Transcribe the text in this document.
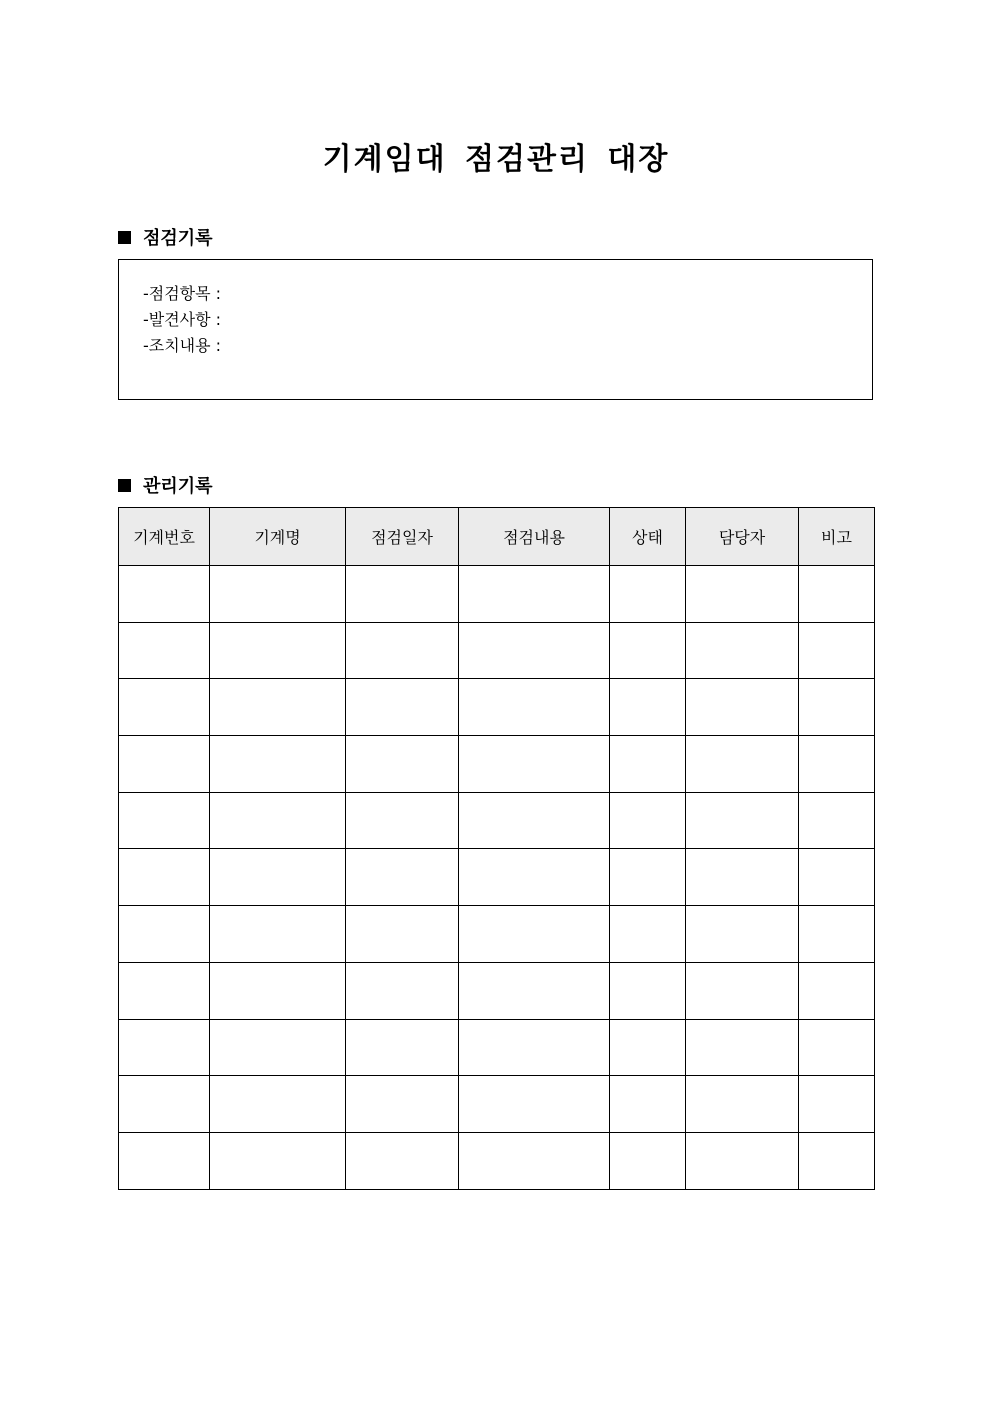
기계임대 점검관리 대장
점검기록
-점검항목 :
-발견사항 :
-조치내용 :
관리기록
기계번호	기계명	점검일자	점검내용	상태	담당자	비고
